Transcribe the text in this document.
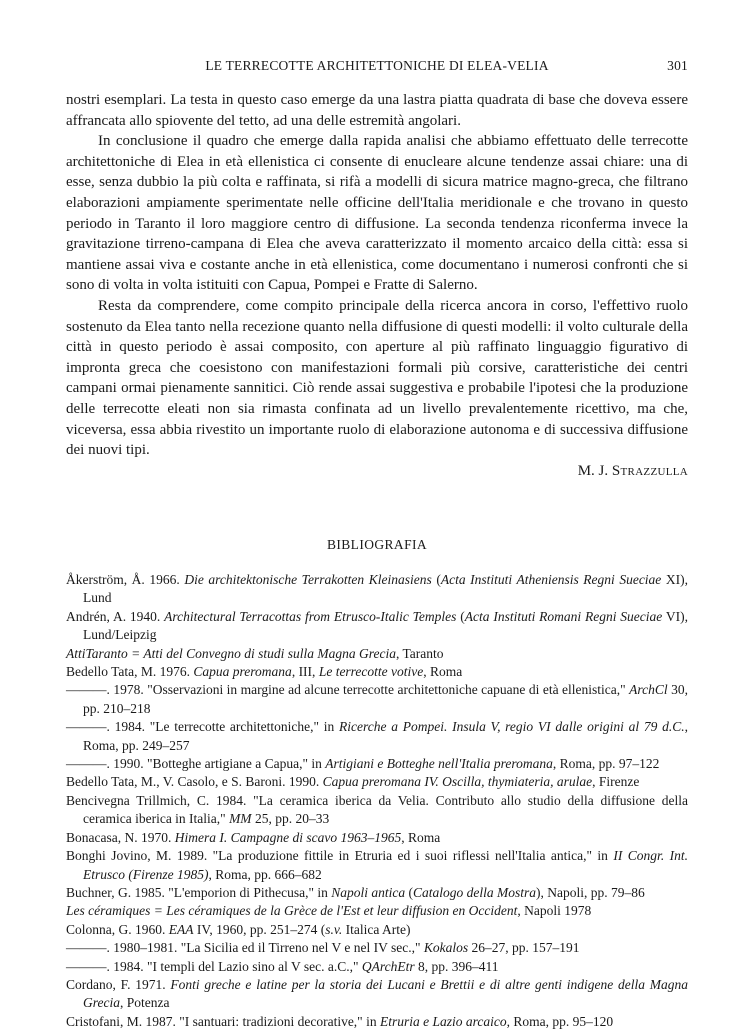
LE TERRECOTTE ARCHITETTONICHE DI ELEA-VELIA	301

nostri esemplari. La testa in questo caso emerge da una lastra piatta quadrata di base che doveva essere affrancata allo spiovente del tetto, ad una delle estremità angolari.

In conclusione il quadro che emerge dalla rapida analisi che abbiamo effettuato delle terrecotte architettoniche di Elea in età ellenistica ci consente di enucleare alcune tendenze assai chiare: una di esse, senza dubbio la più colta e raffinata, si rifà a modelli di sicura matrice magno-greca, che filtrano elaborazioni ampiamente sperimentate nelle officine dell'Italia meridionale e che trovano in questo periodo in Taranto il loro maggiore centro di diffusione. La seconda tendenza riconferma invece la gravitazione tirreno-campana di Elea che aveva caratterizzato il momento arcaico della città: essa si mantiene assai viva e costante anche in età ellenistica, come documentano i numerosi confronti che si sono di volta in volta istituiti con Capua, Pompei e Fratte di Salerno.

Resta da comprendere, come compito principale della ricerca ancora in corso, l'effettivo ruolo sostenuto da Elea tanto nella recezione quanto nella diffusione di questi modelli: il volto culturale della città in questo periodo è assai composito, con aperture al più raffinato linguaggio figurativo di impronta greca che coesistono con manifestazioni formali più corsive, caratteristiche dei centri campani ormai pienamente sannitici. Ciò rende assai suggestiva e probabile l'ipotesi che la produzione delle terrecotte eleati non sia rimasta confinata ad un livello prevalentemente ricettivo, ma che, viceversa, essa abbia rivestito un importante ruolo di elaborazione autonoma e di successiva diffusione dei nuovi tipi.

M. J. Strazzulla
BIBLIOGRAFIA
Åkerström, Å. 1966. Die architektonische Terrakotten Kleinasiens (Acta Instituti Atheniensis Regni Sueciae XI), Lund
Andrén, A. 1940. Architectural Terracottas from Etrusco-Italic Temples (Acta Instituti Romani Regni Sueciae VI), Lund/Leipzig
AttiTaranto = Atti del Convegno di studi sulla Magna Grecia, Taranto
Bedello Tata, M. 1976. Capua preromana, III, Le terrecotte votive, Roma
———. 1978. "Osservazioni in margine ad alcune terrecotte architettoniche capuane di età ellenistica," ArchCl 30, pp. 210–218
———. 1984. "Le terrecotte architettoniche," in Ricerche a Pompei. Insula V, regio VI dalle origini al 79 d.C., Roma, pp. 249–257
———. 1990. "Botteghe artigiane a Capua," in Artigiani e Botteghe nell'Italia preromana, Roma, pp. 97–122
Bedello Tata, M., V. Casolo, e S. Baroni. 1990. Capua preromana IV. Oscilla, thymiateria, arulae, Firenze
Bencivegna Trillmich, C. 1984. "La ceramica iberica da Velia. Contributo allo studio della diffusione della ceramica iberica in Italia," MM 25, pp. 20–33
Bonacasa, N. 1970. Himera I. Campagne di scavo 1963–1965, Roma
Bonghi Jovino, M. 1989. "La produzione fittile in Etruria ed i suoi riflessi nell'Italia antica," in II Congr. Int. Etrusco (Firenze 1985), Roma, pp. 666–682
Buchner, G. 1985. "L'emporion di Pithecusa," in Napoli antica (Catalogo della Mostra), Napoli, pp. 79–86
Les céramiques = Les céramiques de la Grèce de l'Est et leur diffusion en Occident, Napoli 1978
Colonna, G. 1960. EAA IV, 1960, pp. 251–274 (s.v. Italica Arte)
———. 1980–1981. "La Sicilia ed il Tirreno nel V e nel IV sec.," Kokalos 26–27, pp. 157–191
———. 1984. "I templi del Lazio sino al V sec. a.C.," QArchEtr 8, pp. 396–411
Cordano, F. 1971. Fonti greche e latine per la storia dei Lucani e Brettii e di altre genti indigene della Magna Grecia, Potenza
Cristofani, M. 1987. "I santuari: tradizioni decorative," in Etruria e Lazio arcaico, Roma, pp. 95–120
